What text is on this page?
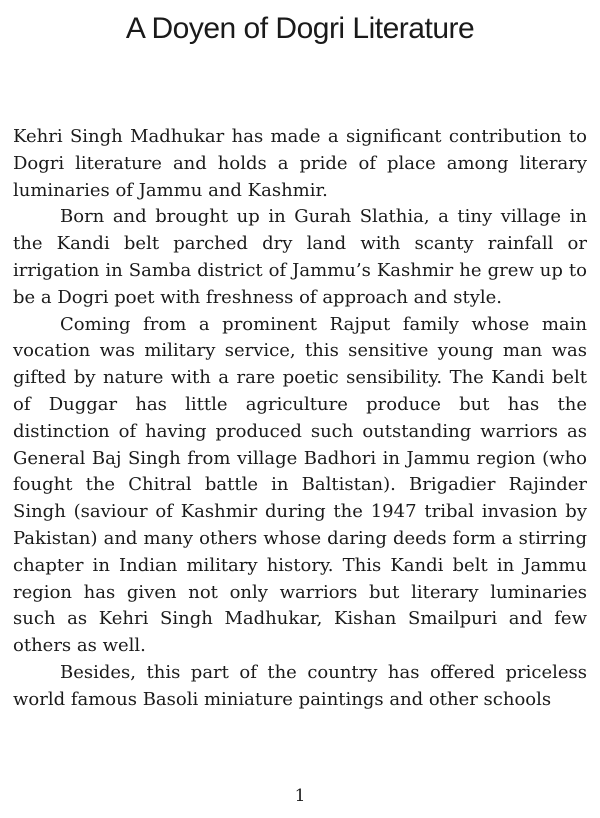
A Doyen of Dogri Literature

Kehri Singh Madhukar has made a significant contribution to Dogri literature and holds a pride of place among literary luminaries of Jammu and Kashmir.

Born and brought up in Gurah Slathia, a tiny village in the Kandi belt parched dry land with scanty rainfall or irrigation in Samba district of Jammu’s Kashmir he grew up to be a Dogri poet with freshness of approach and style.

Coming from a prominent Rajput family whose main vocation was military service, this sensitive young man was gifted by nature with a rare poetic sensibility. The Kandi belt of Duggar has little agriculture produce but has the distinction of having produced such outstanding warriors as General Baj Singh from village Badhori in Jammu region (who fought the Chitral battle in Baltistan). Brigadier Rajinder Singh (saviour of Kashmir during the 1947 tribal invasion by Pakistan) and many others whose daring deeds form a stirring chapter in Indian military history. This Kandi belt in Jammu region has given not only warriors but literary luminaries such as Kehri Singh Madhukar, Kishan Smailpuri and few others as well.

Besides, this part of the country has offered priceless world famous Basoli miniature paintings and other schools

1
